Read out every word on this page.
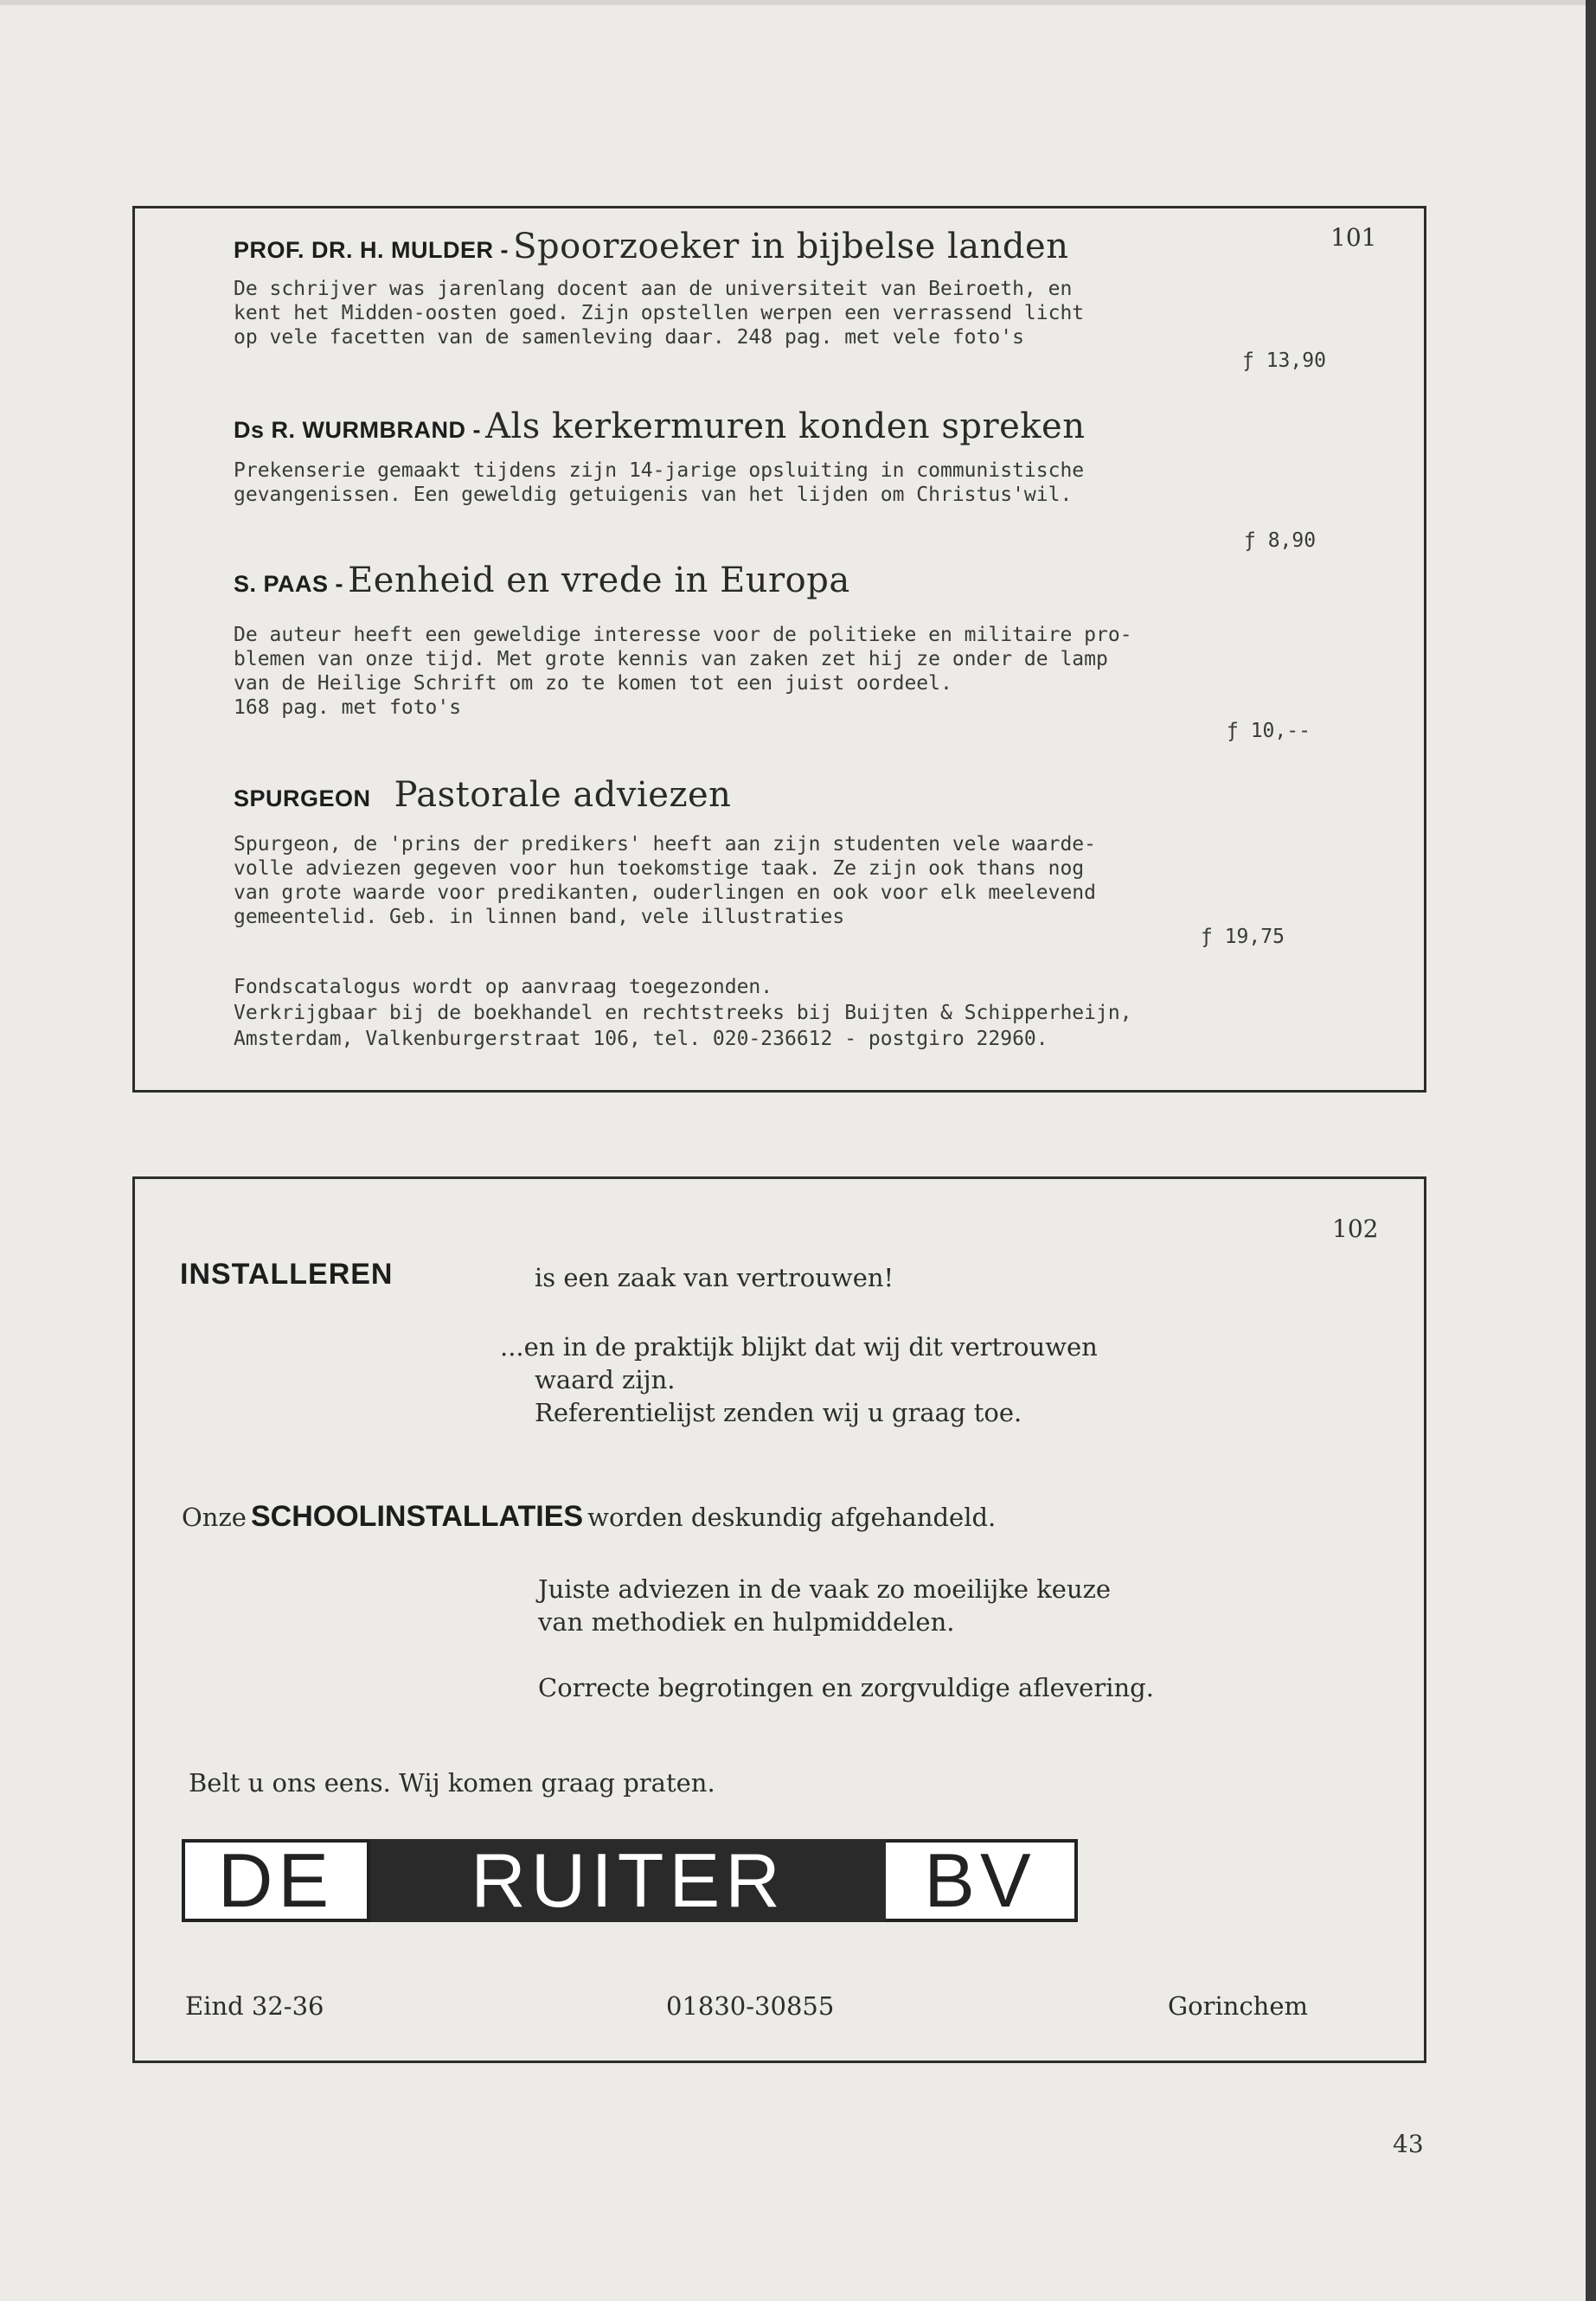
101
PROF. DR. H. MULDER - Spoorzoeker in bijbelse landen
De schrijver was jarenlang docent aan de universiteit van Beiroeth, en
kent het Midden-oosten goed. Zijn opstellen werpen een verrassend licht
op vele facetten van de samenleving daar. 248 pag. met vele foto's
ƒ 13,90
Ds R. WURMBRAND - Als kerkermuren konden spreken
Prekenserie gemaakt tijdens zijn 14-jarige opsluiting in communistische
gevangenissen. Een geweldig getuigenis van het lijden om Christus'wil.
ƒ 8,90
S. PAAS - Eenheid en vrede in Europa
De auteur heeft een geweldige interesse voor de politieke en militaire pro-
blemen van onze tijd. Met grote kennis van zaken zet hij ze onder de lamp
van de Heilige Schrift om zo te komen tot een juist oordeel.
168 pag. met foto's
ƒ 10,--
SPURGEON Pastorale adviezen
Spurgeon, de 'prins der predikers' heeft aan zijn studenten vele waarde-
volle adviezen gegeven voor hun toekomstige taak. Ze zijn ook thans nog
van grote waarde voor predikanten, ouderlingen en ook voor elk meelevend
gemeentelid. Geb. in linnen band, vele illustraties
ƒ 19,75
Fondscatalogus wordt op aanvraag toegezonden.
Verkrijgbaar bij de boekhandel en rechtstreeks bij Buijten & Schipperheijn,
Amsterdam, Valkenburgerstraat 106, tel. 020-236612 - postgiro 22960.
102
INSTALLEREN	is een zaak van vertrouwen!
...en in de praktijk blijkt dat wij dit vertrouwen
waard zijn.
Referentielijst zenden wij u graag toe.
Onze SCHOOLINSTALLATIES worden deskundig afgehandeld.
Juiste adviezen in de vaak zo moeilijke keuze
van methodiek en hulpmiddelen.
Correcte begrotingen en zorgvuldige aflevering.
Belt u ons eens. Wij komen graag praten.
DE	RUITER	BV
Eind 32-36	01830-30855	Gorinchem
43
